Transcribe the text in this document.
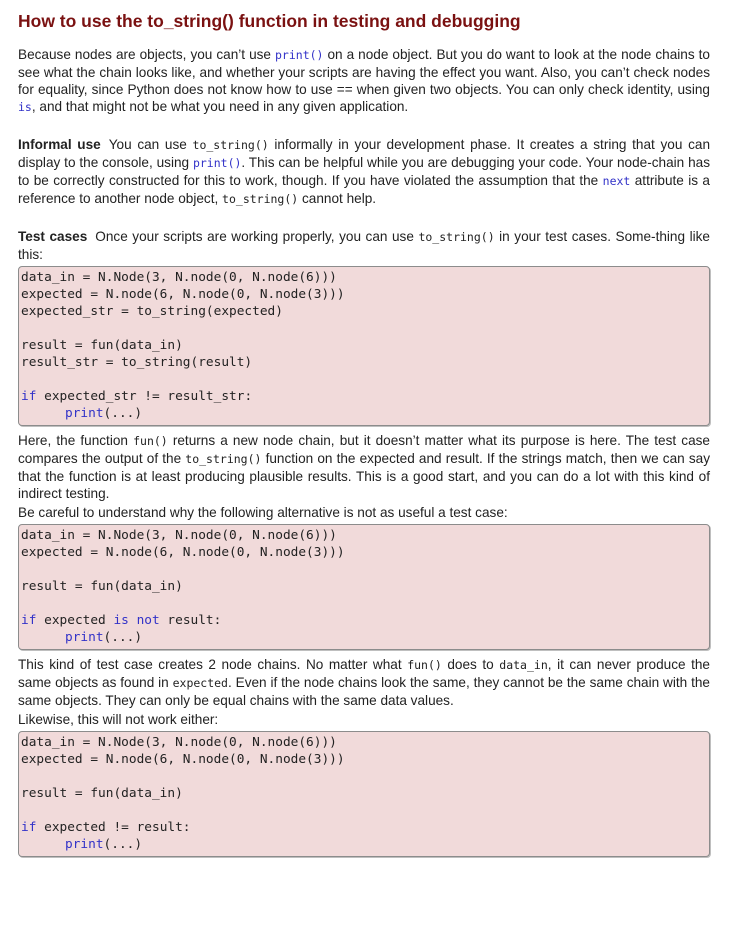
How to use the to_string() function in testing and debugging

Because nodes are objects, you can’t use print() on a node object. But you do want to look at the node chains to see what the chain looks like, and whether your scripts are having the effect you want. Also, you can’t check nodes for equality, since Python does not know how to use == when given two objects. You can only check identity, using is, and that might not be what you need in any given application.

Informal use You can use to_string() informally in your development phase. It creates a string that you can display to the console, using print(). This can be helpful while you are debugging your code. Your node-chain has to be correctly constructed for this to work, though. If you have violated the assumption that the next attribute is a reference to another node object, to_string() cannot help.

Test cases Once your scripts are working properly, you can use to_string() in your test cases. Some-thing like this:

data_in = N.Node(3, N.node(0, N.node(6)))
expected = N.node(6, N.node(0, N.node(3)))
expected_str = to_string(expected)
result = fun(data_in)
result_str = to_string(result)
if expected_str != result_str:
print(...)

Here, the function fun() returns a new node chain, but it doesn’t matter what its purpose is here. The test case compares the output of the to_string() function on the expected and result. If the strings match, then we can say that the function is at least producing plausible results. This is a good start, and you can do a lot with this kind of indirect testing.

Be careful to understand why the following alternative is not as useful a test case:

data_in = N.Node(3, N.node(0, N.node(6)))
expected = N.node(6, N.node(0, N.node(3)))
result = fun(data_in)
if expected is not result:
print(...)

This kind of test case creates 2 node chains. No matter what fun() does to data_in, it can never produce the same objects as found in expected. Even if the node chains look the same, they cannot be the same chain with the same objects. They can only be equal chains with the same data values.

Likewise, this will not work either:

data_in = N.Node(3, N.node(0, N.node(6)))
expected = N.node(6, N.node(0, N.node(3)))
result = fun(data_in)
if expected != result:
print(...)
